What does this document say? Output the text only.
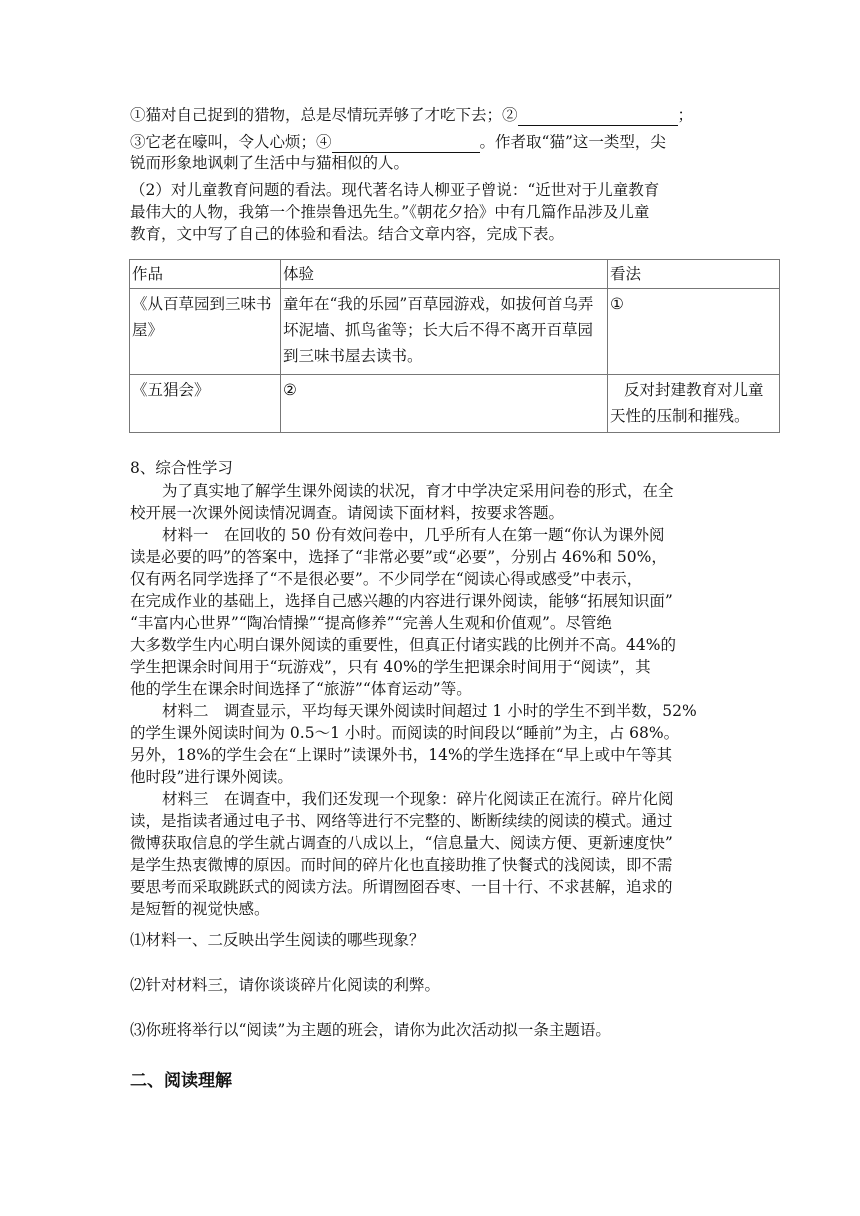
①猫对自己捉到的猎物，总是尽情玩弄够了才吃下去；②	；
③它老在嚎叫，令人心烦；④	。作者取“猫”这一类型，尖
锐而形象地讽刺了生活中与猫相似的人。
（2）对儿童教育问题的看法。现代著名诗人柳亚子曾说：“近世对于儿童教育
最伟大的人物，我第一个推崇鲁迅先生。”《朝花夕拾》中有几篇作品涉及儿童
教育，文中写了自己的体验和看法。结合文章内容，完成下表。
作品	体验	看法
《从百草园到三味书屋》	童年在“我的乐园”百草园游戏，如拔何首乌弄坏泥墙、抓鸟雀等；长大后不得不离开百草园到三味书屋去读书。	①
《五猖会》	②	反对封建教育对儿童天性的压制和摧残。
8、综合性学习
为了真实地了解学生课外阅读的状况，育才中学决定采用问卷的形式，在全
校开展一次课外阅读情况调查。请阅读下面材料，按要求答题。
材料一　在回收的 50 份有效问卷中，几乎所有人在第一题“你认为课外阅
读是必要的吗”的答案中，选择了“非常必要”或“必要”，分别占 46%和 50%，
仅有两名同学选择了“不是很必要”。不少同学在“阅读心得或感受”中表示，
在完成作业的基础上，选择自己感兴趣的内容进行课外阅读，能够“拓展知识面”
“丰富内心世界”“陶冶情操”“提高修养”“完善人生观和价值观”。尽管绝
大多数学生内心明白课外阅读的重要性，但真正付诸实践的比例并不高。44%的
学生把课余时间用于“玩游戏”，只有 40%的学生把课余时间用于“阅读”，其
他的学生在课余时间选择了“旅游”“体育运动”等。
材料二　调查显示，平均每天课外阅读时间超过 1 小时的学生不到半数，52%
的学生课外阅读时间为 0.5～1 小时。而阅读的时间段以“睡前”为主，占 68%。
另外，18%的学生会在“上课时”读课外书，14%的学生选择在“早上或中午等其
他时段”进行课外阅读。
材料三　在调查中，我们还发现一个现象：碎片化阅读正在流行。碎片化阅
读，是指读者通过电子书、网络等进行不完整的、断断续续的阅读的模式。通过
微博获取信息的学生就占调查的八成以上，“信息量大、阅读方便、更新速度快”
是学生热衷微博的原因。而时间的碎片化也直接助推了快餐式的浅阅读，即不需
要思考而采取跳跃式的阅读方法。所谓囫囵吞枣、一目十行、不求甚解，追求的
是短暂的视觉快感。
⑴材料一、二反映出学生阅读的哪些现象？
⑵针对材料三，请你谈谈碎片化阅读的利弊。
⑶你班将举行以“阅读”为主题的班会，请你为此次活动拟一条主题语。
二、阅读理解
